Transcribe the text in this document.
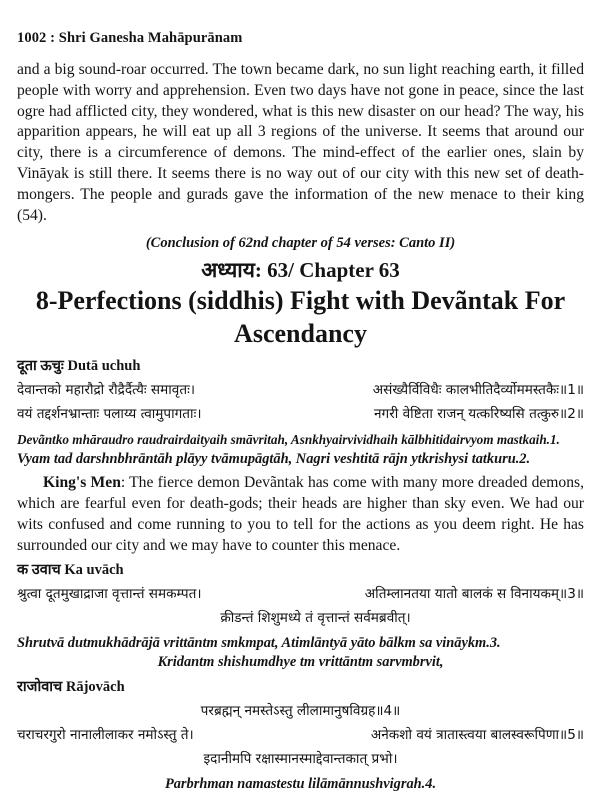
1002 : Shri Ganesha Mahāpurānam

and a big sound-roar occurred. The town became dark, no sun light reaching earth, it filled people with worry and apprehension. Even two days have not gone in peace, since the last ogre had afflicted city, they wondered, what is this new disaster on our head? The way, his apparition appears, he will eat up all 3 regions of the universe. It seems that around our city, there is a circumference of demons. The mind-effect of the earlier ones, slain by Vināyak is still there. It seems there is no way out of our city with this new set of death-mongers. The people and gurads gave the information of the new menace to their king (54).

(Conclusion of 62nd chapter of 54 verses: Canto II)
अध्याय: 63/ Chapter 63
8-Perfections (siddhis) Fight with Devãntak For
Ascendancy
दूता ऊचुः Dutā uchuh
देवान्तको महारौद्रो रौद्रैर्दैत्यैः समावृतः।	असंख्यैर्विविधैः कालभीतिदैर्व्योममस्तकैः॥1॥
वयं तद्दर्शनभ्रान्ताः पलाय्य त्वामुपागताः।	नगरी वेष्टिता राजन् यत्करिष्यसि तत्कुरु॥2॥
Devãntko mhāraudro raudrairdaityaih smāvritah, Asnkhyairvividhaih kālbhitidairvyom mastkaih.1.
Vyam tad darshnbhrāntāh plāyy tvāmupāgtāh, Nagri veshtitā rājn ytkrishysi tatkuru.2.

King's Men: The fierce demon Devãntak has come with many more dreaded demons, which are fearful even for death-gods; their heads are higher than sky even. We had our wits confused and come running to you to tell for the actions as you deem right. He has surrounded our city and we may have to counter this menace.

क उवाच Ka uvāch
श्रुत्वा दूतमुखाद्राजा वृत्तान्तं समकम्पत।	अतिम्लानतया यातो बालकं स विनायकम्॥3॥
क्रीडन्तं शिशुमध्ये तं वृत्तान्तं सर्वमब्रवीत्।
Shrutvā dutmukhādrājā vrittāntm smkmpat, Atimlāntyā yāto bālkm sa vināykm.3.
Kridantm shishumdhye tm vrittāntm sarvmbrvit,
राजोवाच Rājovāch
परब्रह्मन् नमस्तेऽस्तु लीलामानुषविग्रह॥4॥
चराचरगुरो नानालीलाकर नमोऽस्तु ते।	अनेकशो वयं त्रातास्त्वया बालस्वरूपिणा॥5॥
इदानीमपि रक्षास्मानस्माद्देवान्तकात् प्रभो।
Parbrhman namastestu lilāmānnushvigrah.4.
